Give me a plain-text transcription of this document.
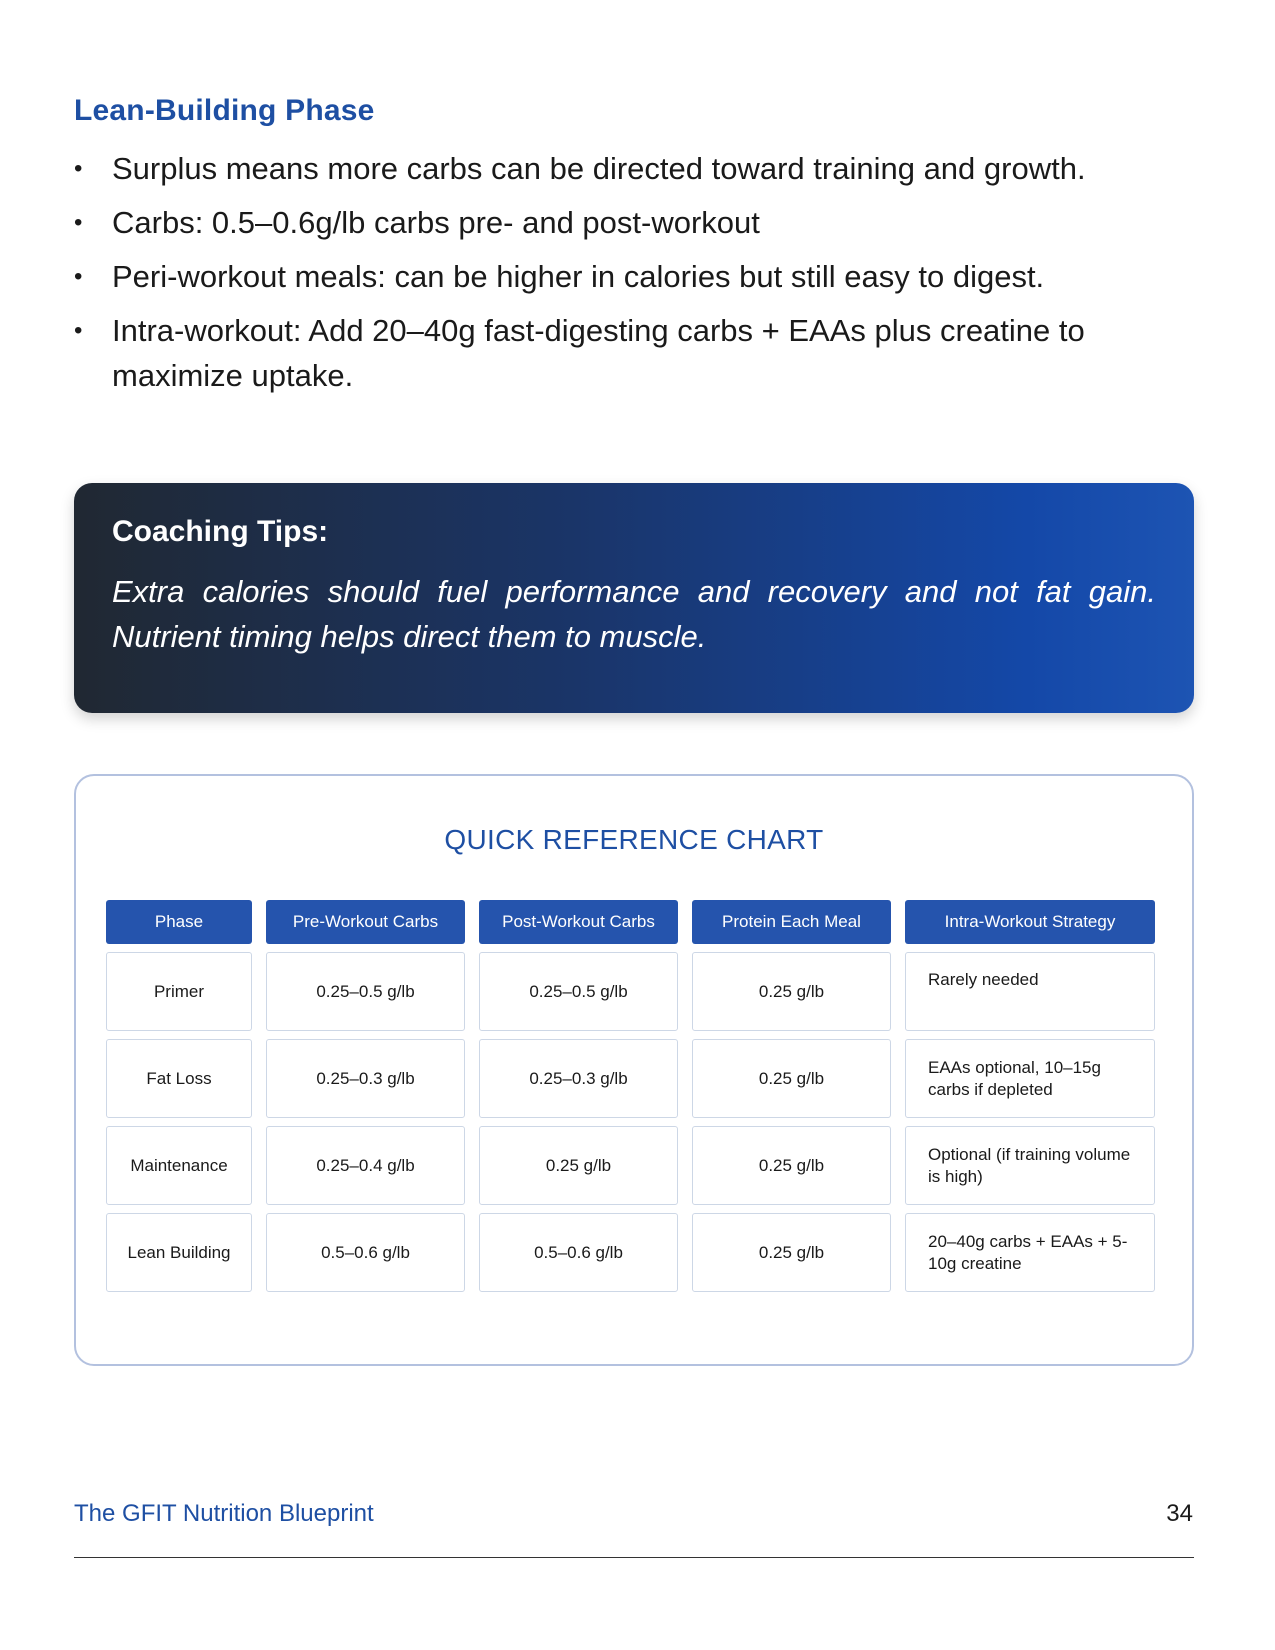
Lean-Building Phase
• Surplus means more carbs can be directed toward training and growth.
• Carbs: 0.5–0.6g/lb carbs pre- and post-workout
• Peri-workout meals: can be higher in calories but still easy to digest.
• Intra-workout: Add 20–40g fast-digesting carbs + EAAs plus creatine to maximize uptake.
Coaching Tips:

Extra calories should fuel performance and recovery and not fat gain. Nutrient timing helps direct them to muscle.

QUICK REFERENCE CHART
Phase	Pre-Workout Carbs	Post-Workout Carbs	Protein Each Meal	Intra-Workout Strategy
Primer	0.25–0.5 g/lb	0.25–0.5 g/lb	0.25 g/lb	Rarely needed
Fat Loss	0.25–0.3 g/lb	0.25–0.3 g/lb	0.25 g/lb	EAAs optional, 10–15g carbs if depleted
Maintenance	0.25–0.4 g/lb	0.25 g/lb	0.25 g/lb	Optional (if training volume is high)
Lean Building	0.5–0.6 g/lb	0.5–0.6 g/lb	0.25 g/lb	20–40g carbs + EAAs + 5-10g creatine
The GFIT Nutrition Blueprint	34
